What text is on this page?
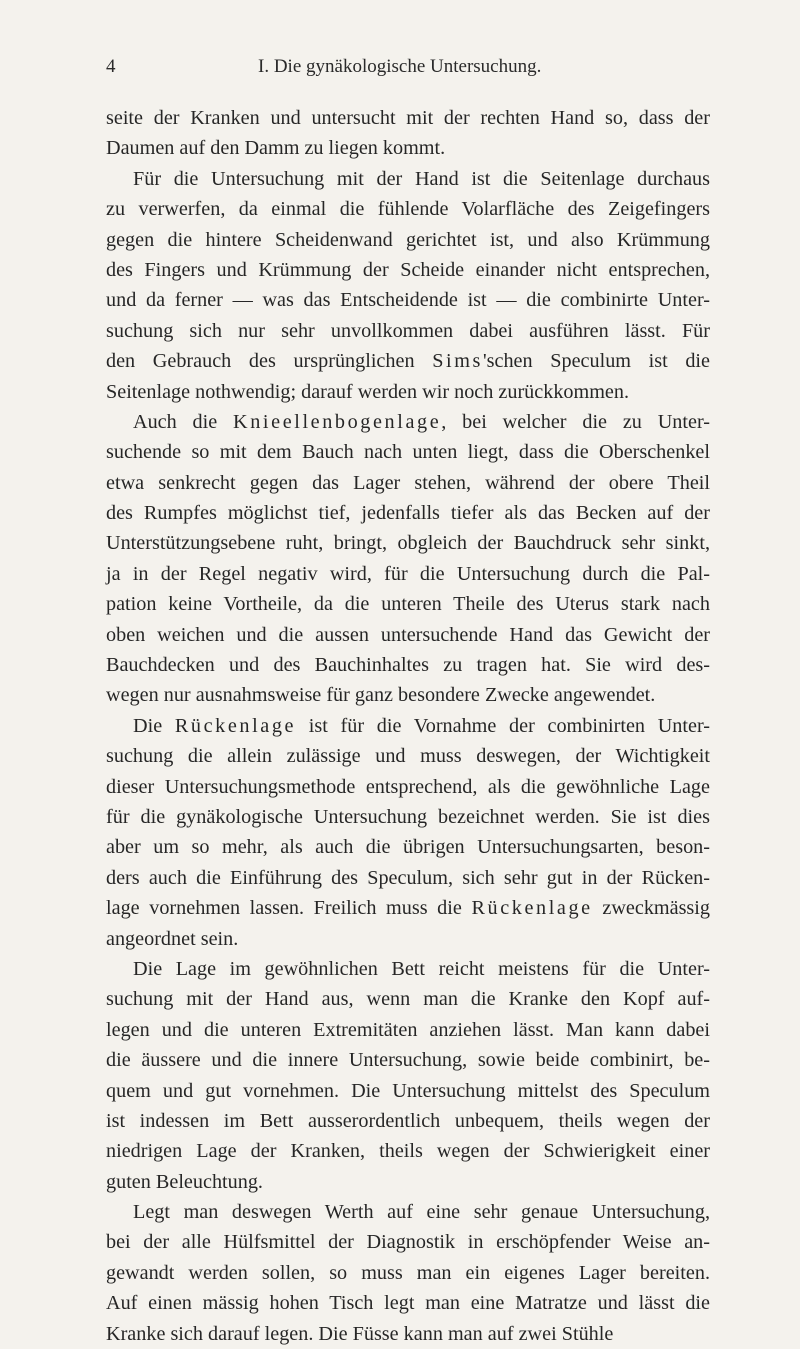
4	I. Die gynäkologische Untersuchung.
seite der Kranken und untersucht mit der rechten Hand so, dass der
Daumen auf den Damm zu liegen kommt.
Für die Untersuchung mit der Hand ist die Seitenlage durchaus
zu verwerfen, da einmal die fühlende Volarfläche des Zeigefingers
gegen die hintere Scheidenwand gerichtet ist, und also Krümmung
des Fingers und Krümmung der Scheide einander nicht entsprechen,
und da ferner — was das Entscheidende ist — die combinirte Unter-
suchung sich nur sehr unvollkommen dabei ausführen lässt. Für
den Gebrauch des ursprünglichen Sims'schen Speculum ist die
Seitenlage nothwendig; darauf werden wir noch zurückkommen.
Auch die Knieellenbogenlage, bei welcher die zu Unter-
suchende so mit dem Bauch nach unten liegt, dass die Oberschenkel
etwa senkrecht gegen das Lager stehen, während der obere Theil
des Rumpfes möglichst tief, jedenfalls tiefer als das Becken auf der
Unterstützungsebene ruht, bringt, obgleich der Bauchdruck sehr sinkt,
ja in der Regel negativ wird, für die Untersuchung durch die Pal-
pation keine Vortheile, da die unteren Theile des Uterus stark nach
oben weichen und die aussen untersuchende Hand das Gewicht der
Bauchdecken und des Bauchinhaltes zu tragen hat. Sie wird des-
wegen nur ausnahmsweise für ganz besondere Zwecke angewendet.
Die Rückenlage ist für die Vornahme der combinirten Unter-
suchung die allein zulässige und muss deswegen, der Wichtigkeit
dieser Untersuchungsmethode entsprechend, als die gewöhnliche Lage
für die gynäkologische Untersuchung bezeichnet werden. Sie ist dies
aber um so mehr, als auch die übrigen Untersuchungsarten, beson-
ders auch die Einführung des Speculum, sich sehr gut in der Rücken-
lage vornehmen lassen. Freilich muss die Rückenlage zweckmässig
angeordnet sein.
Die Lage im gewöhnlichen Bett reicht meistens für die Unter-
suchung mit der Hand aus, wenn man die Kranke den Kopf auf-
legen und die unteren Extremitäten anziehen lässt. Man kann dabei
die äussere und die innere Untersuchung, sowie beide combinirt, be-
quem und gut vornehmen. Die Untersuchung mittelst des Speculum
ist indessen im Bett ausserordentlich unbequem, theils wegen der
niedrigen Lage der Kranken, theils wegen der Schwierigkeit einer
guten Beleuchtung.
Legt man deswegen Werth auf eine sehr genaue Untersuchung,
bei der alle Hülfsmittel der Diagnostik in erschöpfender Weise an-
gewandt werden sollen, so muss man ein eigenes Lager bereiten.
Auf einen mässig hohen Tisch legt man eine Matratze und lässt die
Kranke sich darauf legen. Die Füsse kann man auf zwei Stühle
